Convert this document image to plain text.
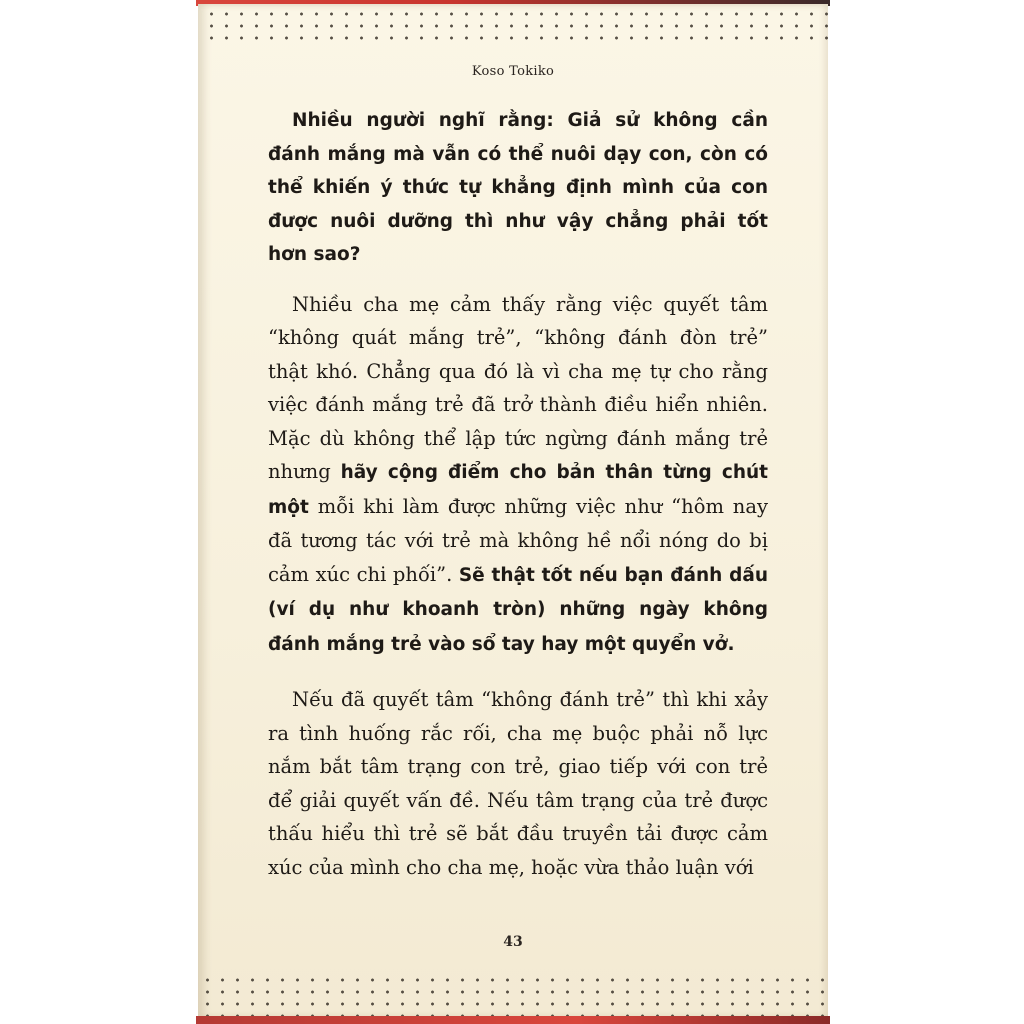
Koso Tokiko

Nhiều người nghĩ rằng: Giả sử không cần đánh mắng mà vẫn có thể nuôi dạy con, còn có thể khiến ý thức tự khẳng định mình của con được nuôi dưỡng thì như vậy chẳng phải tốt hơn sao?

Nhiều cha mẹ cảm thấy rằng việc quyết tâm “không quát mắng trẻ”, “không đánh đòn trẻ” thật khó. Chẳng qua đó là vì cha mẹ tự cho rằng việc đánh mắng trẻ đã trở thành điều hiển nhiên. Mặc dù không thể lập tức ngừng đánh mắng trẻ nhưng hãy cộng điểm cho bản thân từng chút một mỗi khi làm được những việc như “hôm nay đã tương tác với trẻ mà không hề nổi nóng do bị cảm xúc chi phối”. Sẽ thật tốt nếu bạn đánh dấu (ví dụ như khoanh tròn) những ngày không đánh mắng trẻ vào sổ tay hay một quyển vở.

Nếu đã quyết tâm “không đánh trẻ” thì khi xảy ra tình huống rắc rối, cha mẹ buộc phải nỗ lực nắm bắt tâm trạng con trẻ, giao tiếp với con trẻ để giải quyết vấn đề. Nếu tâm trạng của trẻ được thấu hiểu thì trẻ sẽ bắt đầu truyền tải được cảm xúc của mình cho cha mẹ, hoặc vừa thảo luận với

43
